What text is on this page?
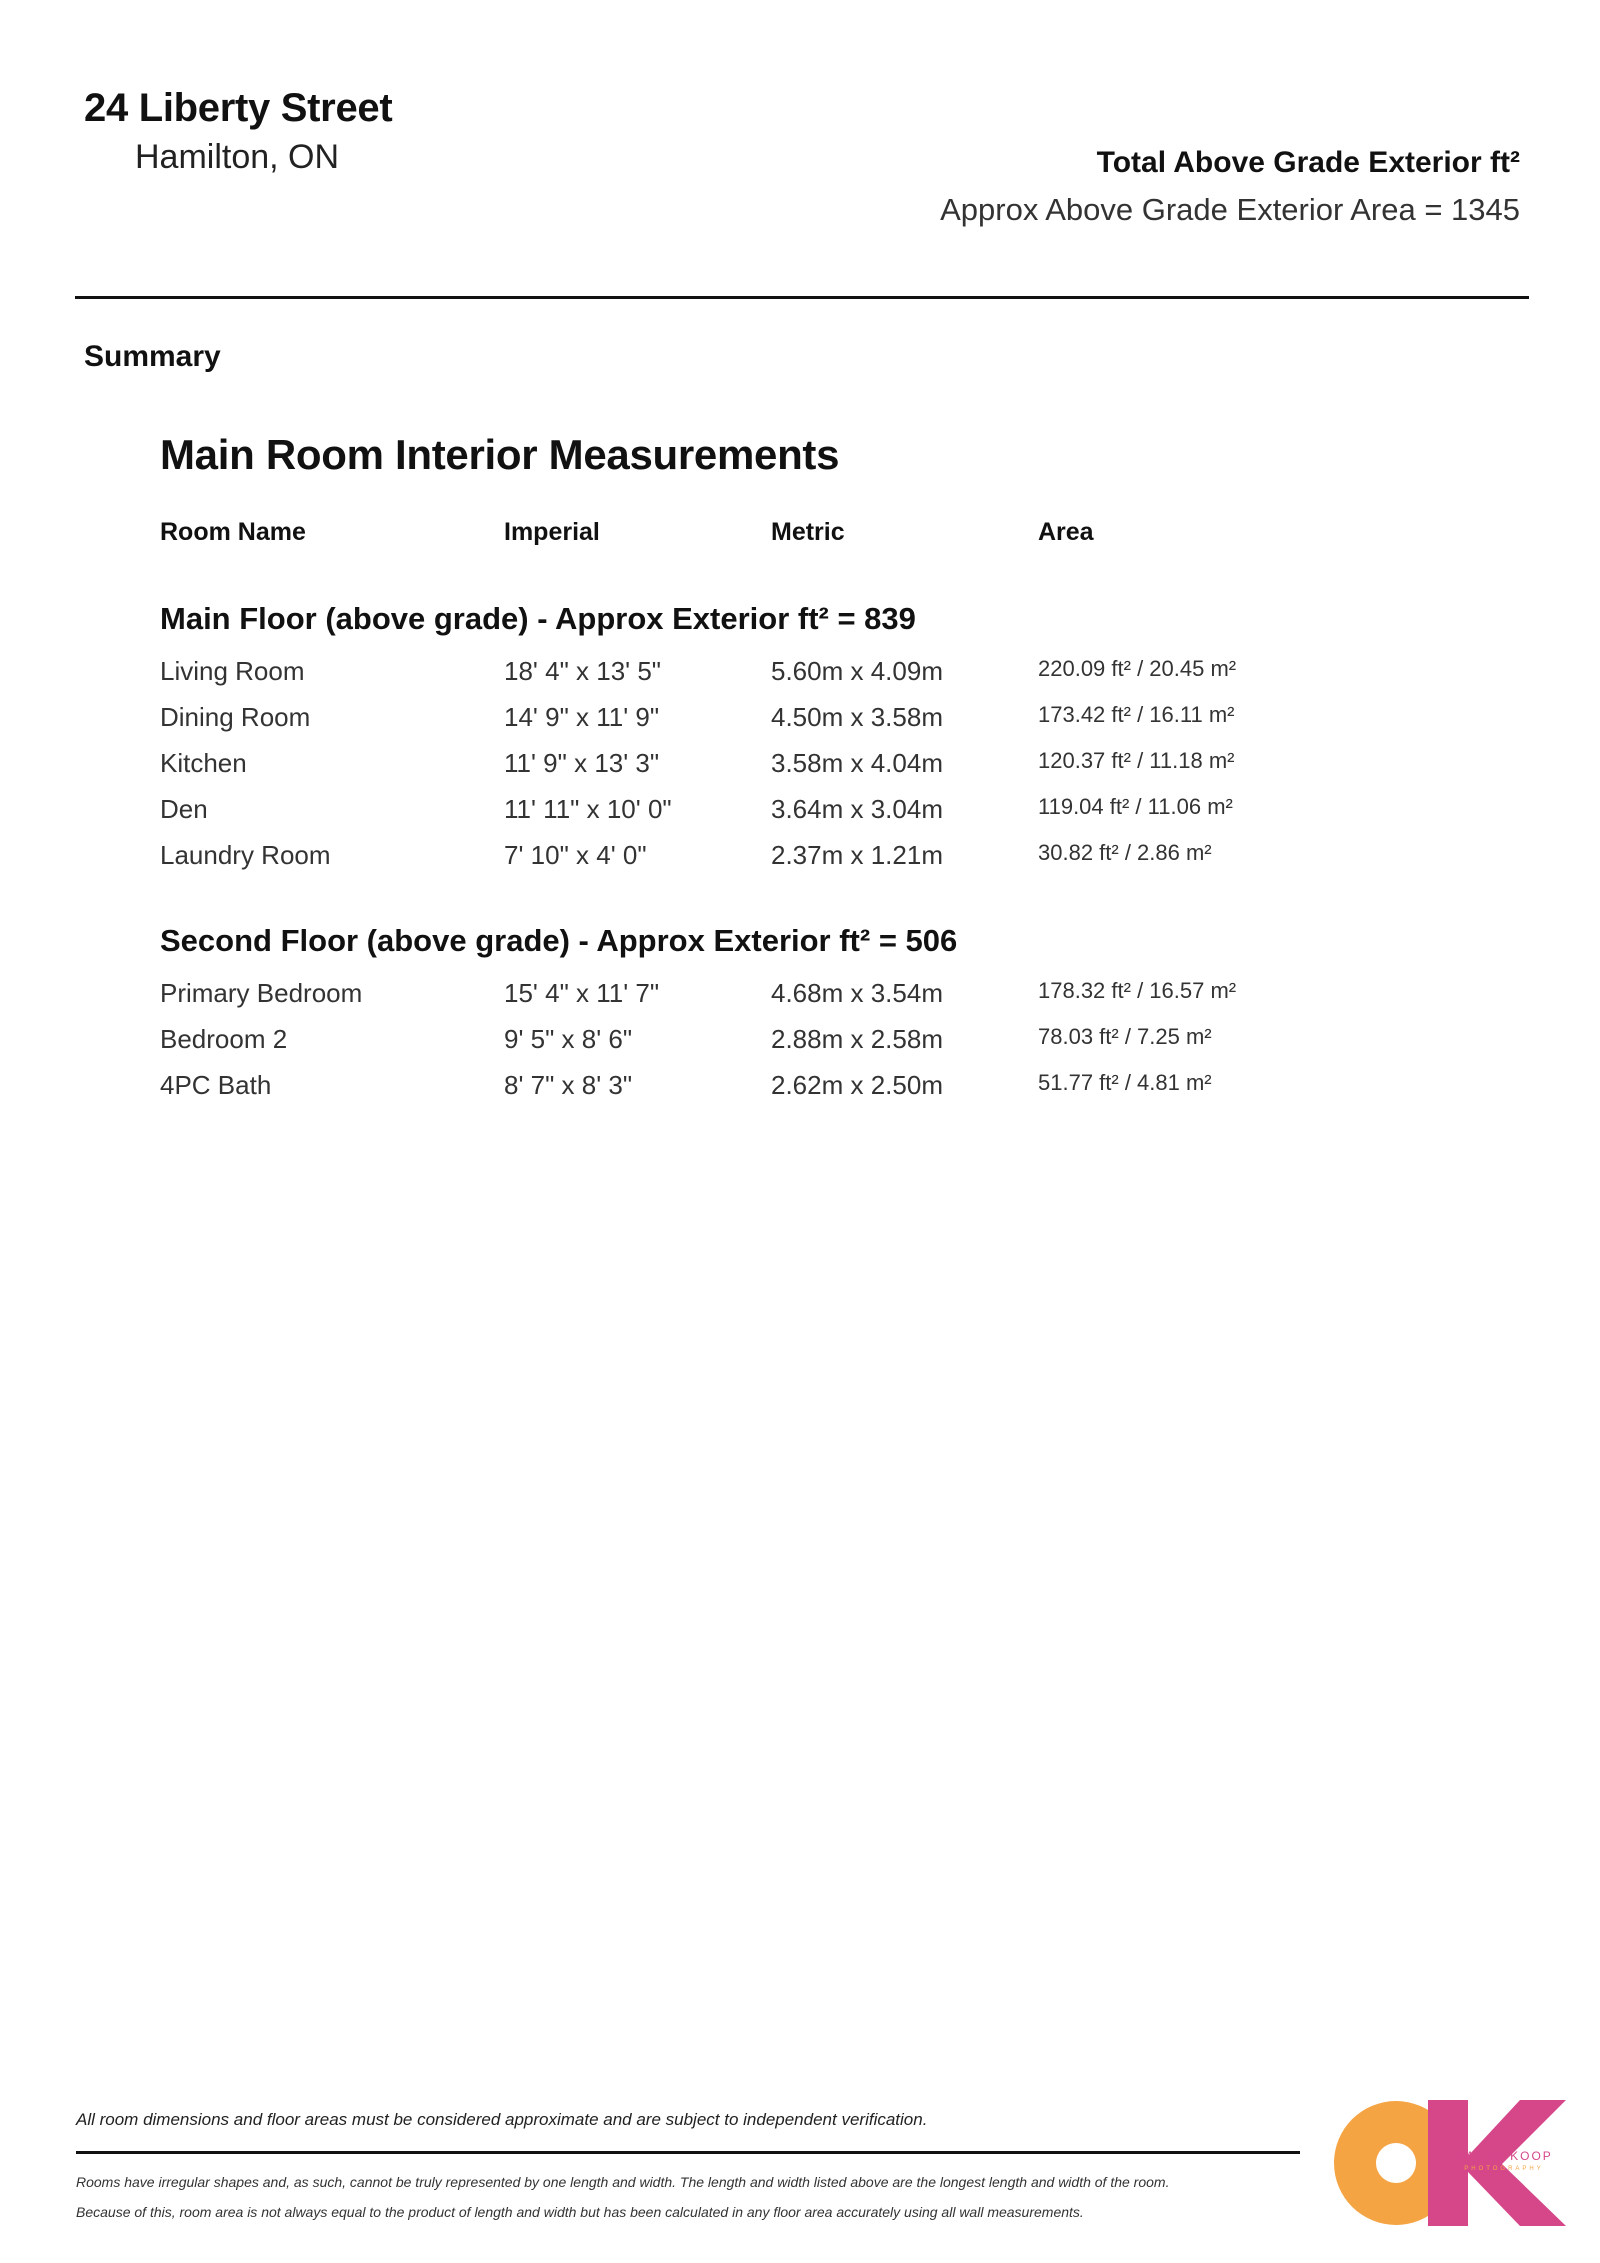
24 Liberty Street
Hamilton, ON	Total Above Grade Exterior ft²
Approx Above Grade Exterior Area = 1345
Summary
Main Room Interior Measurements
Room Name	Imperial	Metric	Area
Main Floor (above grade) - Approx Exterior ft² = 839
Living Room	18' 4" x 13' 5"	5.60m x 4.09m	220.09 ft² / 20.45 m²
Dining Room	14' 9" x 11' 9"	4.50m x 3.58m	173.42 ft² / 16.11 m²
Kitchen	11' 9" x 13' 3"	3.58m x 4.04m	120.37 ft² / 11.18 m²
Den	11' 11" x 10' 0"	3.64m x 3.04m	119.04 ft² / 11.06 m²
Laundry Room	7' 10" x 4' 0"	2.37m x 1.21m	30.82 ft² / 2.86 m²
Second Floor (above grade) - Approx Exterior ft² = 506
Primary Bedroom	15' 4" x 11' 7"	4.68m x 3.54m	178.32 ft² / 16.57 m²
Bedroom 2	9' 5" x 8' 6"	2.88m x 2.58m	78.03 ft² / 7.25 m²
4PC Bath	8' 7" x 8' 3"	2.62m x 2.50m	51.77 ft² / 4.81 m²
All room dimensions and floor areas must be considered approximate and are subject to independent verification.
Rooms have irregular shapes and, as such, cannot be truly represented by one length and width. The length and width listed above are the longest length and width of the room.
Because of this, room area is not always equal to the product of length and width but has been calculated in any floor area accurately using all wall measurements.
CATHY KOOP
PHOTOGRAPHY
